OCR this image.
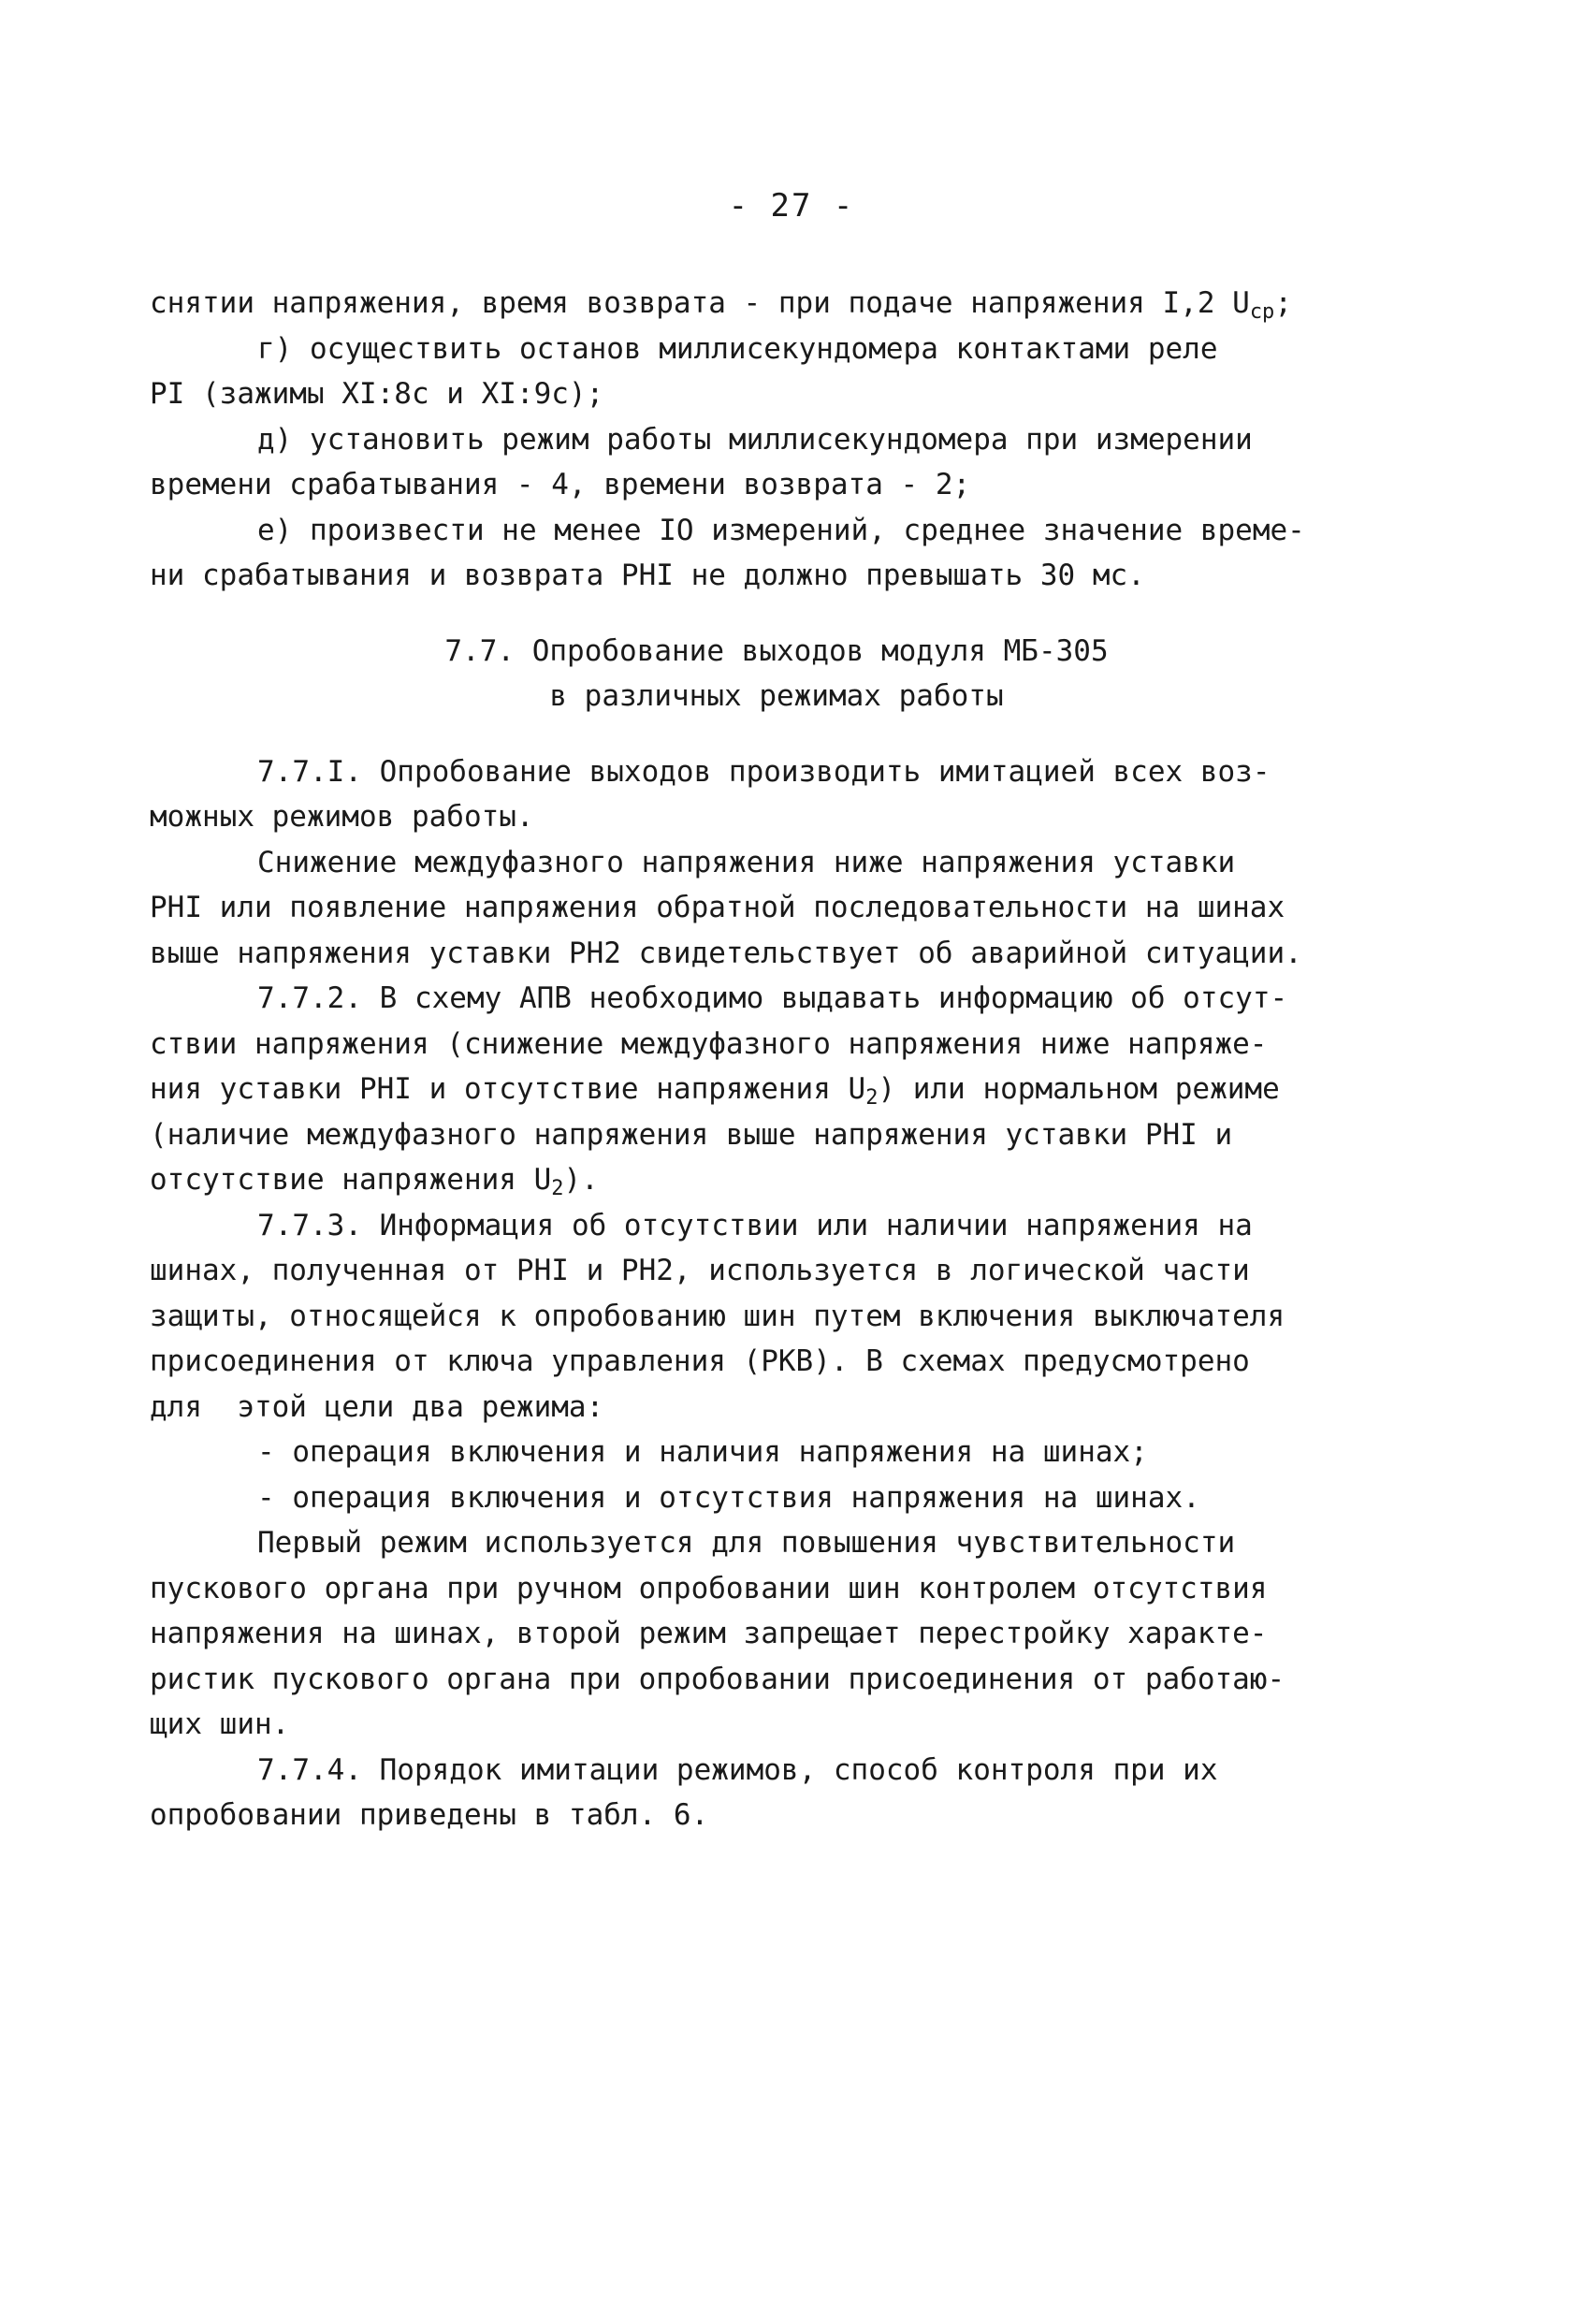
- 27 -
снятии напряжения, время возврата - при подаче напряжения I,2 $U_{ср}$;
г) осуществить останов миллисекундомера контактами реле
PI (зажимы XI:8с и XI:9с);
д) установить режим работы миллисекундомера при измерении
времени срабатывания - 4, времени возврата - 2;
е) произвести не менее IO измерений, среднее значение време-
ни срабатывания и возврата PHI не должно превышать 30 мс.
7.7. Опробование выходов модуля МБ-305
в различных режимах работы
7.7.I. Опробование выходов производить имитацией всех воз-
можных режимов работы.
Снижение междуфазного напряжения ниже напряжения уставки
PHI или появление напряжения обратной последовательности на шинах
выше напряжения уставки PH2 свидетельствует об аварийной ситуации.
7.7.2. В схему АПВ необходимо выдавать информацию об отсут-
ствии напряжения (снижение междуфазного напряжения ниже напряже-
ния уставки PHI и отсутствие напряжения $U_2$) или нормальном режиме
(наличие междуфазного напряжения выше напряжения уставки PHI и
отсутствие напряжения $U_2$).
7.7.3. Информация об отсутствии или наличии напряжения на
шинах, полученная от PHI и PH2, используется в логической части
защиты, относящейся к опробованию шин путем включения выключателя
присоединения от ключа управления (PKB). В схемах предусмотрено
для  этой цели два режима:
- операция включения и наличия напряжения на шинах;
- операция включения и отсутствия напряжения на шинах.
Первый режим используется для повышения чувствительности
пускового органа при ручном опробовании шин контролем отсутствия
напряжения на шинах, второй режим запрещает перестройку характе-
ристик пускового органа при опробовании присоединения от работаю-
щих шин.
7.7.4. Порядок имитации режимов, способ контроля при их
опробовании приведены в табл. 6.
